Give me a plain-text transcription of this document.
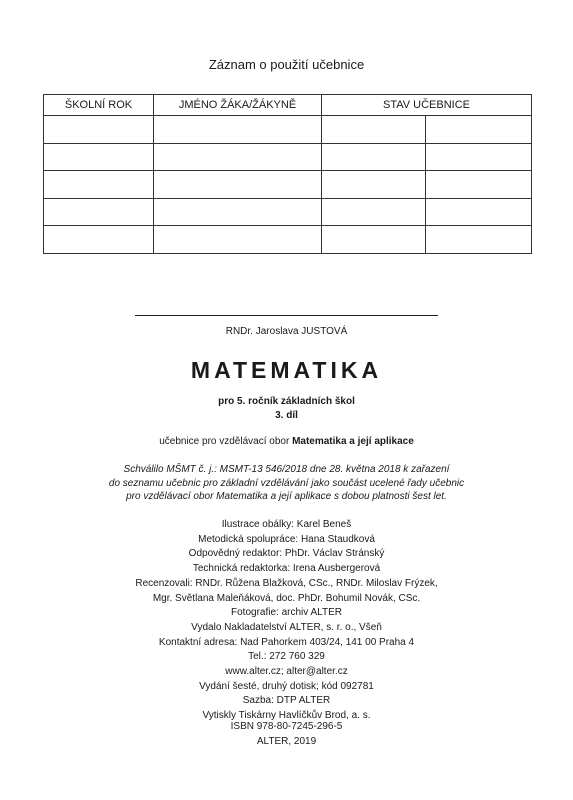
Záznam o použití učebnice
ŠKOLNÍ ROK	JMÉNO ŽÁKA/ŽÁKYNĚ	STAV UČEBNICE	

RNDr. Jaroslava JUSTOVÁ
MATEMATIKA
pro 5. ročník základních škol
3. díl
učebnice pro vzdělávací obor Matematika a její aplikace
Schválilo MŠMT č. j.: MSMT-13 546/2018 dne 28. května 2018 k zařazení
do seznamu učebnic pro základní vzdělávání jako součást ucelené řady učebnic
pro vzdělávací obor Matematika a její aplikace s dobou platnosti šest let.
Ilustrace obálky: Karel Beneš
Metodická spolupráce: Hana Staudková
Odpovědný redaktor: PhDr. Václav Stránský
Technická redaktorka: Irena Ausbergerová
Recenzovali: RNDr. Růžena Blažková, CSc., RNDr. Miloslav Frýzek,
Mgr. Světlana Maleňáková, doc. PhDr. Bohumil Novák, CSc.
Fotografie: archiv ALTER
Vydalo Nakladatelství ALTER, s. r. o., Všeň
Kontaktní adresa: Nad Pahorkem 403/24, 141 00 Praha 4
Tel.: 272 760 329
www.alter.cz; alter@alter.cz
Vydání šesté, druhý dotisk; kód 092781
Sazba: DTP ALTER
Vytiskly Tiskárny Havlíčkův Brod, a. s.
ISBN 978-80-7245-296-5
ALTER, 2019
